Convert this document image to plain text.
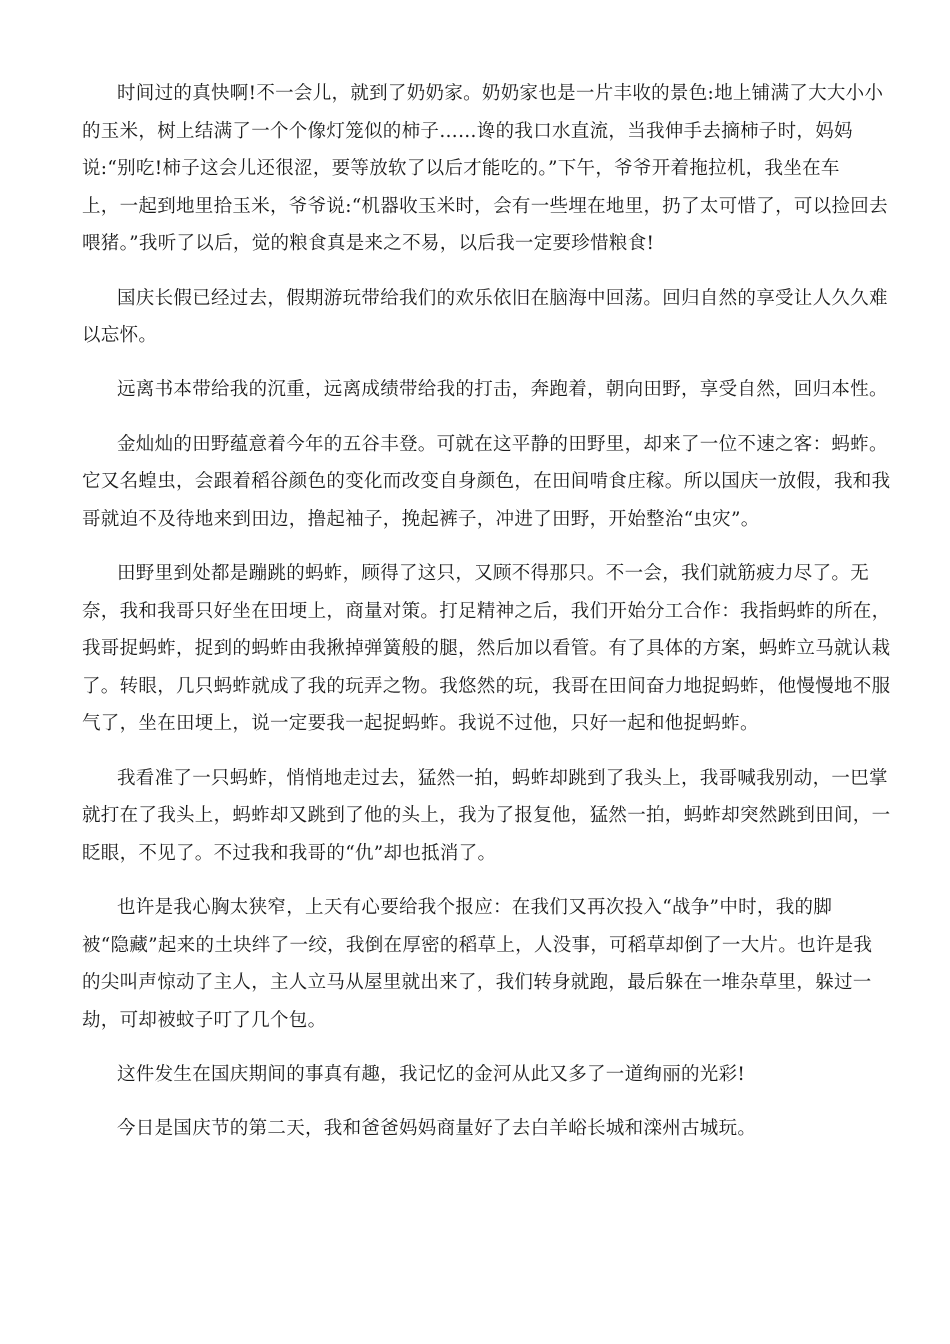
时间过的真快啊!不一会儿，就到了奶奶家。奶奶家也是一片丰收的景色:地上铺满了大大小小
的玉米，树上结满了一个个像灯笼似的柿子……谗的我口水直流，当我伸手去摘柿子时，妈妈
说:“别吃!柿子这会儿还很涩，要等放软了以后才能吃的。”下午，爷爷开着拖拉机，我坐在车
上，一起到地里拾玉米，爷爷说:“机器收玉米时，会有一些埋在地里，扔了太可惜了，可以捡回去
喂猪。”我听了以后，觉的粮食真是来之不易，以后我一定要珍惜粮食!
国庆长假已经过去，假期游玩带给我们的欢乐依旧在脑海中回荡。回归自然的享受让人久久难
以忘怀。
远离书本带给我的沉重，远离成绩带给我的打击，奔跑着，朝向田野，享受自然，回归本性。
金灿灿的田野蕴意着今年的五谷丰登。可就在这平静的田野里，却来了一位不速之客：蚂蚱。
它又名蝗虫，会跟着稻谷颜色的变化而改变自身颜色，在田间啃食庄稼。所以国庆一放假，我和我
哥就迫不及待地来到田边，撸起袖子，挽起裤子，冲进了田野，开始整治“虫灾”。
田野里到处都是蹦跳的蚂蚱，顾得了这只，又顾不得那只。不一会，我们就筋疲力尽了。无
奈，我和我哥只好坐在田埂上，商量对策。打足精神之后，我们开始分工合作：我指蚂蚱的所在，
我哥捉蚂蚱，捉到的蚂蚱由我揪掉弹簧般的腿，然后加以看管。有了具体的方案，蚂蚱立马就认栽
了。转眼，几只蚂蚱就成了我的玩弄之物。我悠然的玩，我哥在田间奋力地捉蚂蚱，他慢慢地不服
气了，坐在田埂上，说一定要我一起捉蚂蚱。我说不过他，只好一起和他捉蚂蚱。
我看准了一只蚂蚱，悄悄地走过去，猛然一拍，蚂蚱却跳到了我头上，我哥喊我别动，一巴掌
就打在了我头上，蚂蚱却又跳到了他的头上，我为了报复他，猛然一拍，蚂蚱却突然跳到田间，一
眨眼，不见了。不过我和我哥的“仇”却也抵消了。
也许是我心胸太狭窄，上天有心要给我个报应：在我们又再次投入“战争”中时，我的脚
被“隐藏”起来的土块绊了一绞，我倒在厚密的稻草上，人没事，可稻草却倒了一大片。也许是我
的尖叫声惊动了主人，主人立马从屋里就出来了，我们转身就跑，最后躲在一堆杂草里，躲过一
劫，可却被蚊子叮了几个包。
这件发生在国庆期间的事真有趣，我记忆的金河从此又多了一道绚丽的光彩!
今日是国庆节的第二天，我和爸爸妈妈商量好了去白羊峪长城和滦州古城玩。
